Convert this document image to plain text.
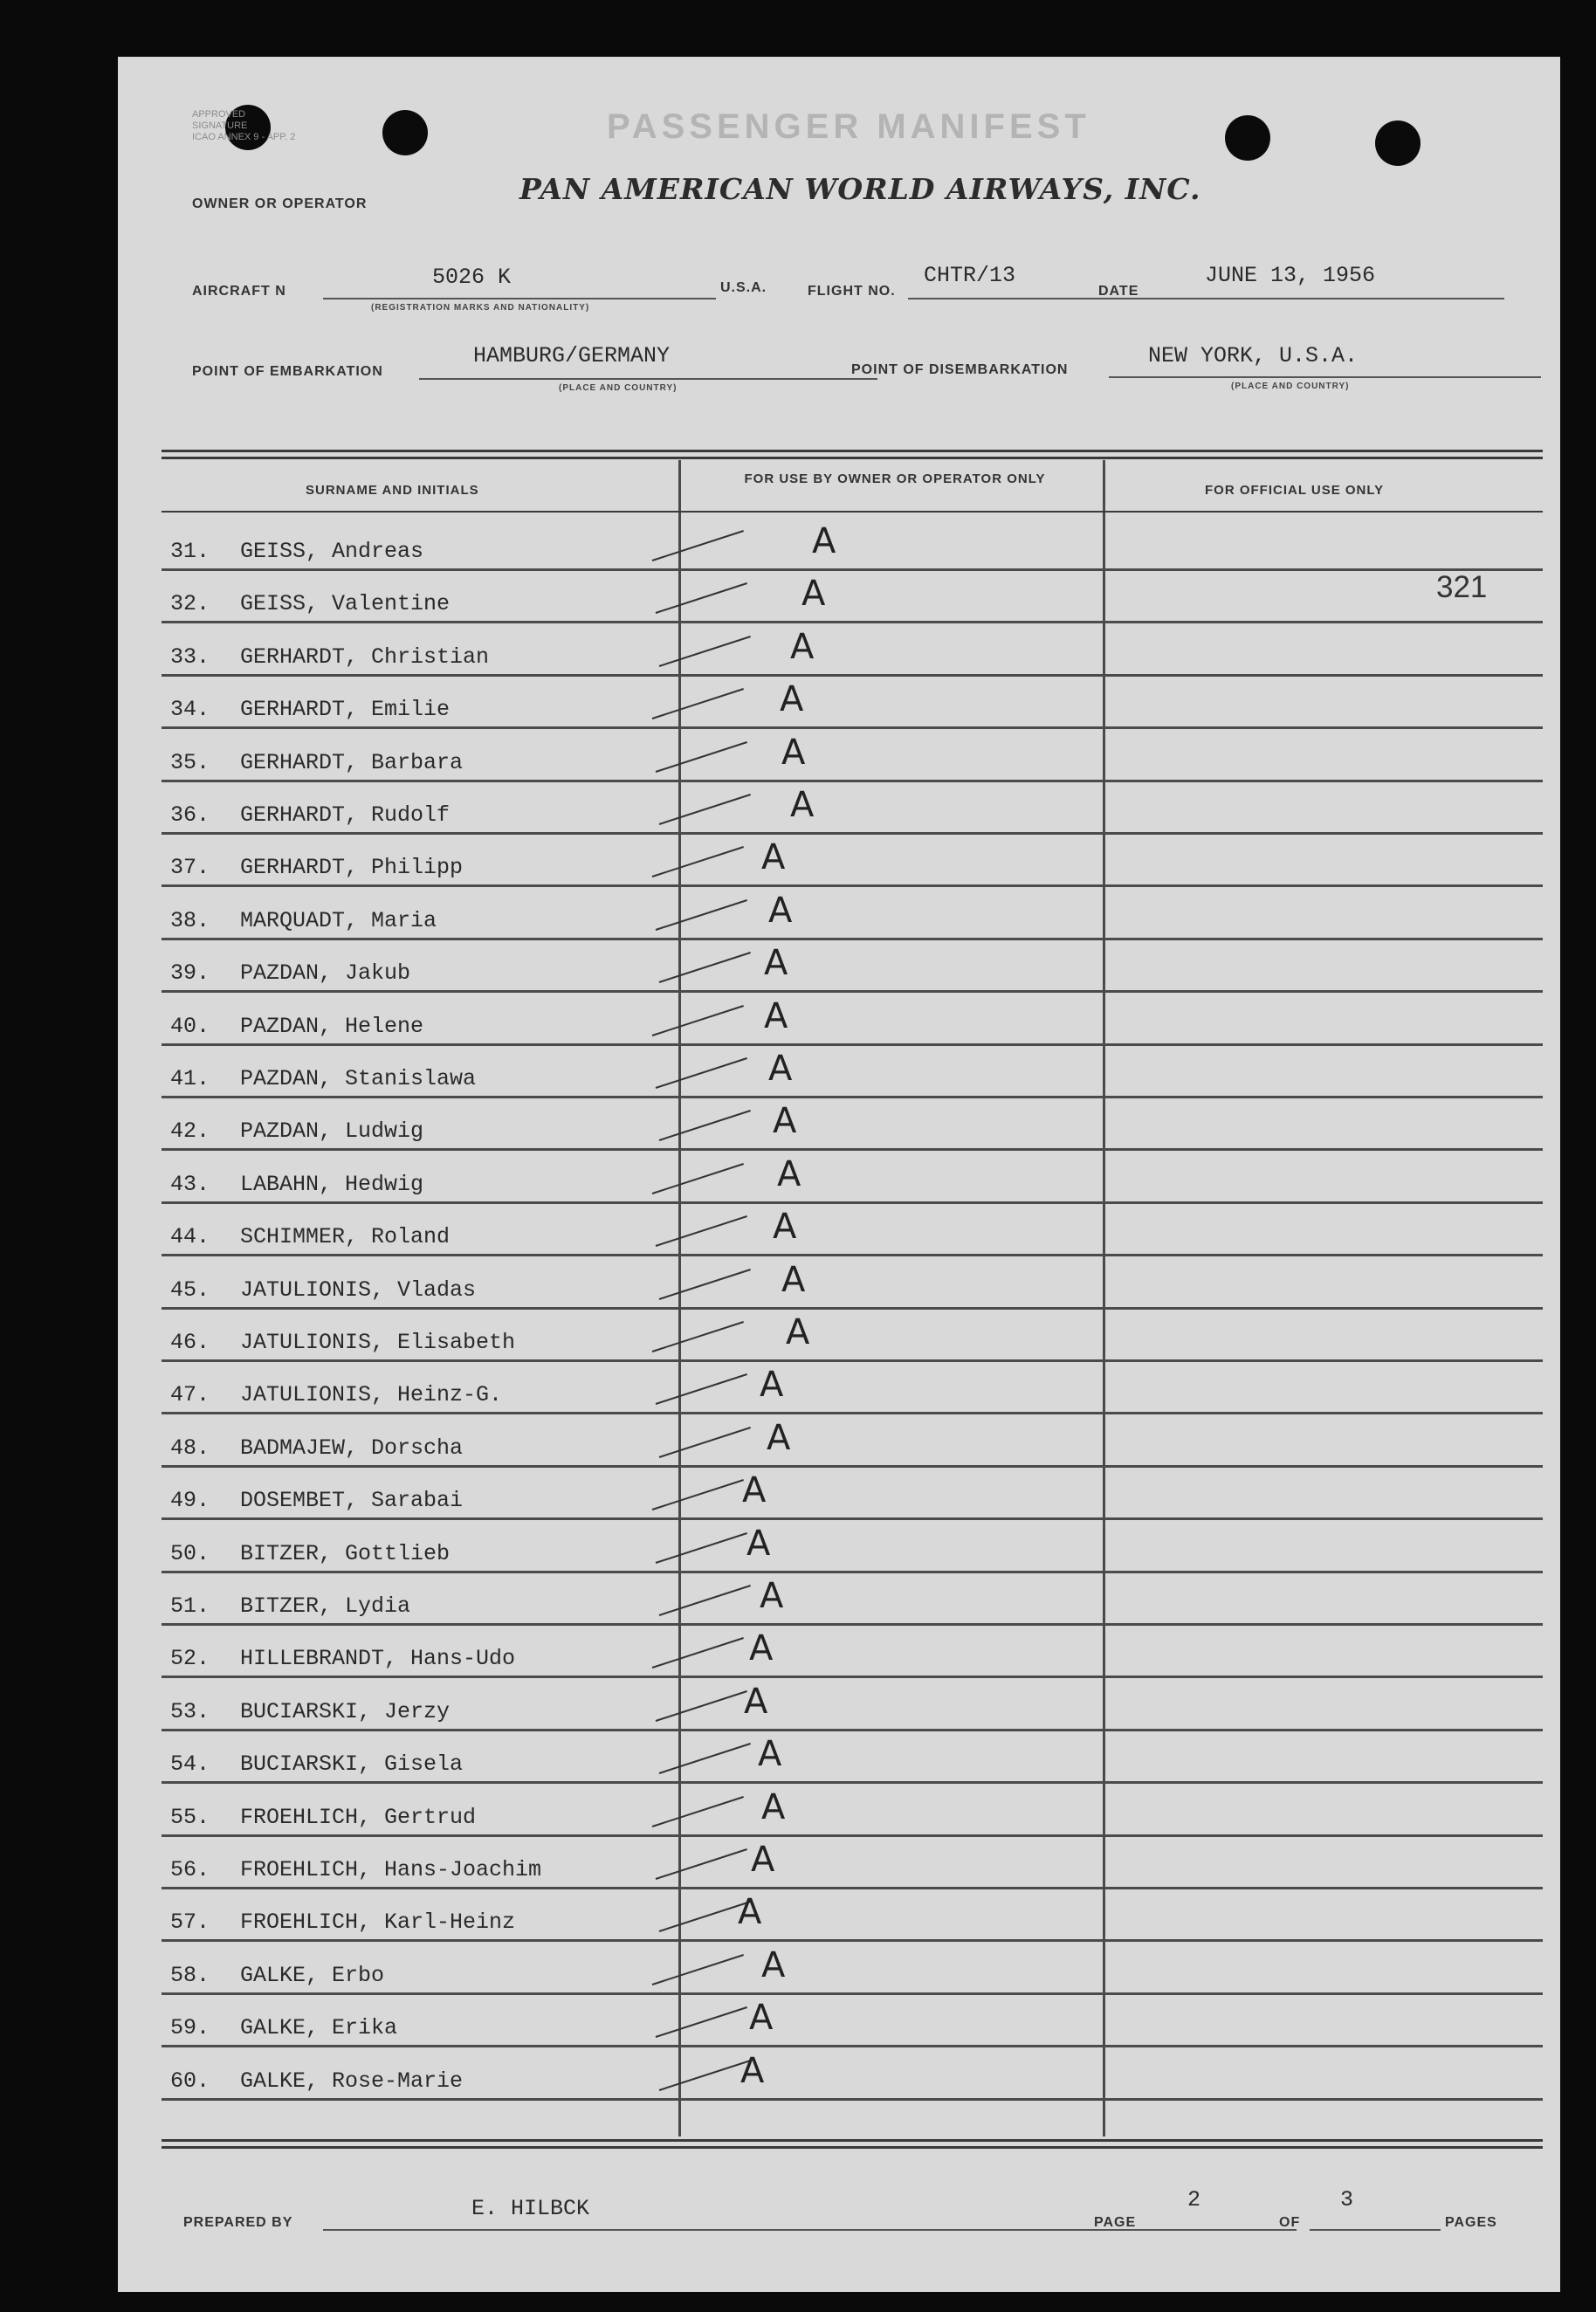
APPROVED
SIGNATURE
ICAO ANNEX 9 - APP. 2	PASSENGER MANIFEST
OWNER OR OPERATOR	PAN AMERICAN WORLD AIRWAYS, INC.
AIRCRAFT N
5026 K
(REGISTRATION MARKS AND NATIONALITY)
U.S.A.	FLIGHT NO.
CHTR/13
DATE
JUNE 13, 1956
POINT OF EMBARKATION
HAMBURG/GERMANY
(PLACE AND COUNTRY)
POINT OF DISEMBARKATION
NEW YORK, U.S.A.
(PLACE AND COUNTRY)
SURNAME AND INITIALS
FOR USE BY OWNER OR OPERATOR ONLY
FOR OFFICIAL USE ONLY
31. GEISS, Andreas	A
32. GEISS, Valentine	A
33. GERHARDT, Christian	A
34. GERHARDT, Emilie	A
35. GERHARDT, Barbara	A
36. GERHARDT, Rudolf	A
37. GERHARDT, Philipp	A
38. MARQUADT, Maria	A
39. PAZDAN, Jakub	A
40. PAZDAN, Helene	A
41. PAZDAN, Stanislawa	A
42. PAZDAN, Ludwig	A
43. LABAHN, Hedwig	A
44. SCHIMMER, Roland	A
45. JATULIONIS, Vladas	A
46. JATULIONIS, Elisabeth	A
47. JATULIONIS, Heinz-G.	A
48. BADMAJEW, Dorscha	A
49. DOSEMBET, Sarabai	A
50. BITZER, Gottlieb	A
51. BITZER, Lydia	A
52. HILLEBRANDT, Hans-Udo	A
53. BUCIARSKI, Jerzy	A
54. BUCIARSKI, Gisela	A
55. FROEHLICH, Gertrud	A
56. FROEHLICH, Hans-Joachim	A
57. FROEHLICH, Karl-Heinz	A
58. GALKE, Erbo	A
59. GALKE, Erika	A
60. GALKE, Rose-Marie	A
321
PREPARED BY
E. HILBCK
PAGE
2
OF
3
PAGES
